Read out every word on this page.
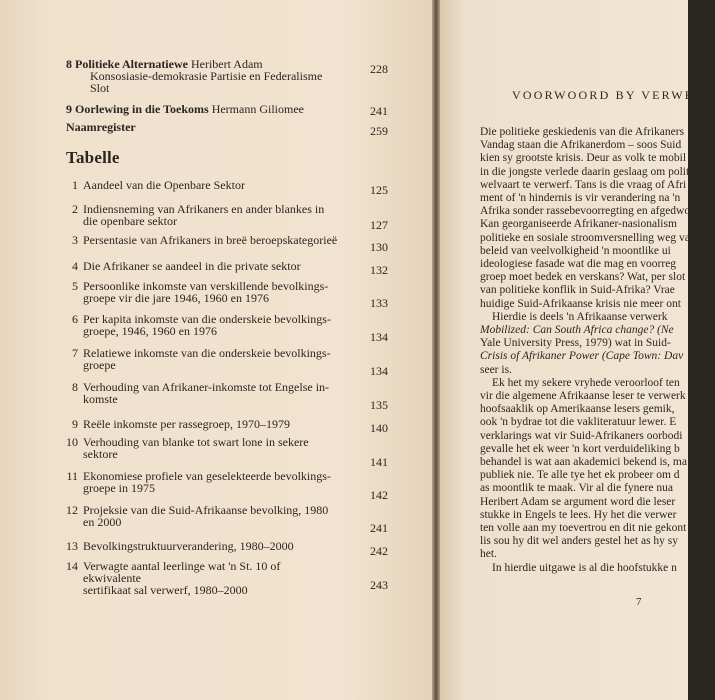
8 Politieke Alternatiewe Heribert Adam
Konsosiasie-demokrasie Partisie en Federalisme
Slot
228
9 Oorlewing in die Toekoms Hermann Giliomee	241
Naamregister	259
Tabelle
1 Aandeel van die Openbare Sektor	125
2 Indiensneming van Afrikaners en ander blankes in
die openbare sektor	127
3 Persentasie van Afrikaners in breë beroepskategorieë	130
4 Die Afrikaner se aandeel in die private sektor	132
5 Persoonlike inkomste van verskillende bevolkings-
groepe vir die jare 1946, 1960 en 1976	133
6 Per kapita inkomste van die onderskeie bevolkings-
groepe, 1946, 1960 en 1976	134
7 Relatiewe inkomste van die onderskeie bevolkings-
groepe	134
8 Verhouding van Afrikaner-inkomste tot Engelse in-
komste	135
9 Reële inkomste per rassegroep, 1970–1979	140
10 Verhouding van blanke tot swart lone in sekere
sektore
141
11 Ekonomiese profiele van geselekteerde bevolkings-
groepe in 1975	142
12 Projeksie van die Suid-Afrikaanse bevolking, 1980
en 2000	241
13 Bevolkingstruktuurverandering, 1980–2000	242
14 Verwagte aantal leerlinge wat 'n St. 10 of ekwivalente
sertifikaat sal verwerf, 1980–2000	243
VOORWOORD BY VERWERK
Die politieke geskiedenis van die Afrikaners
Vandag staan die Afrikanerdom – soos Suid
kien sy grootste krisis. Deur as volk te mobil
in die jongste verlede daarin geslaag om polit
welvaart te verwerf. Tans is die vraag of Afri
ment of 'n hindernis is vir verandering na 'n
Afrika sonder rassebevoorregting en afgedwo
Kan georganiseerde Afrikaner-nasionalism
politieke en sosiale stroomversnelling weg va
beleid van veelvolkigheid 'n moontlike ui
ideologiese fasade wat die mag en voorreg
groep moet bedek en verskans? Wat, per slot
van politieke konflik in Suid-Afrika? Vrae
huidige Suid-Afrikaanse krisis nie meer ont
Hierdie is deels 'n Afrikaanse verwerk
Mobilized: Can South Africa change? (Ne
Yale University Press, 1979) wat in Suid-
Crisis of Afrikaner Power (Cape Town: Dav
seer is.
Ek het my sekere vryhede veroorloof ten
vir die algemene Afrikaanse leser te verwerk
hoofsaaklik op Amerikaanse lesers gemik,
ook 'n bydrae tot die vakliteratuur lewer. E
verklarings wat vir Suid-Afrikaners oorbodi
gevalle het ek weer 'n kort verduideliking b
behandel is wat aan akademici bekend is, ma
publiek nie. Te alle tye het ek probeer om d
as moontlik te maak. Vir al die fynere nua
Heribert Adam se argument word die leser
stukke in Engels te lees. Hy het die verwer
ten volle aan my toevertrou en dit nie gekont
lis sou hy dit wel anders gestel het as hy sy
het.
In hierdie uitgawe is al die hoofstukke n
7
